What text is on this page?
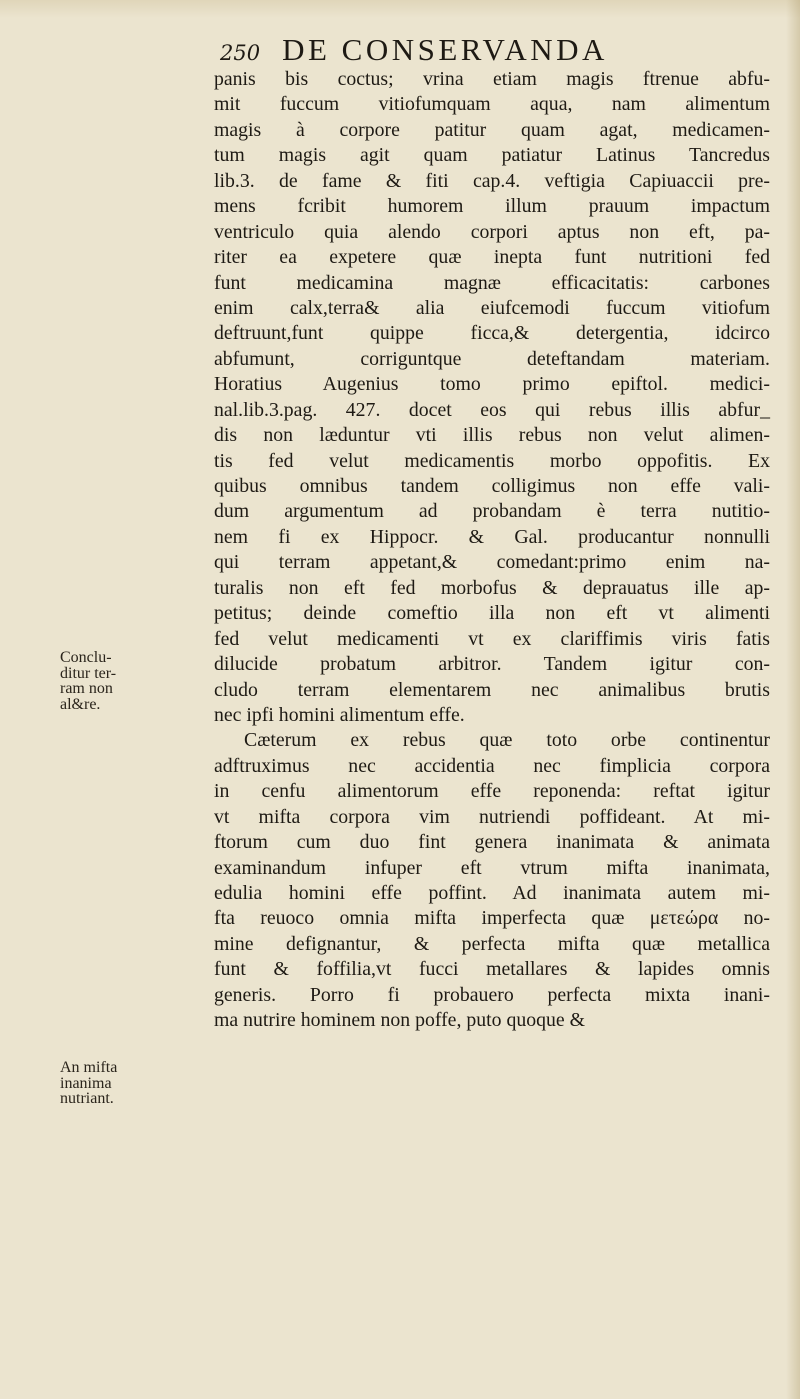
250 DE CONSERVANDA
panis bis coctus; vrina etiam magis ftrenue abfu-
mit fuccum vitiofumquam aqua, nam alimentum
magis à corpore patitur quam agat, medicamen-
tum magis agit quam patiatur Latinus Tancredus
lib.3. de fame & fiti cap.4. veftigia Capiuaccii pre-
mens fcribit humorem illum prauum impactum
ventriculo quia alendo corpori aptus non eft, pa-
riter ea expetere quæ inepta funt nutritioni fed
funt medicamina magnæ efficacitatis: carbones
enim calx,terra& alia eiufcemodi fuccum vitiofum
deftruunt,funt quippe ficca,& detergentia, idcirco
abfumunt, corriguntque deteftandam materiam.
Horatius Augenius tomo primo epiftol. medici-
nal.lib.3.pag. 427. docet eos qui rebus illis abfur_
dis non læduntur vti illis rebus non velut alimen-
tis fed velut medicamentis morbo oppofitis. Ex
quibus omnibus tandem colligimus non effe vali-
dum argumentum ad probandam è terra nutitio-
nem fi ex Hippocr. & Gal. producantur nonnulli
qui terram appetant,& comedant:primo enim na-
turalis non eft fed morbofus & deprauatus ille ap-
petitus; deinde comeftio illa non eft vt alimenti
fed velut medicamenti vt ex clariffimis viris fatis
dilucide probatum arbitror. Tandem igitur con-
cludo terram elementarem nec animalibus brutis
nec ipfi homini alimentum effe.
Cæterum ex rebus quæ toto orbe continentur
adftruximus nec accidentia nec fimplicia corpora
in cenfu alimentorum effe reponenda: reftat igitur
vt mifta corpora vim nutriendi poffideant. At mi-
ftorum cum duo fint genera inanimata & animata
examinandum infuper eft vtrum mifta inanimata,
edulia homini effe poffint. Ad inanimata autem mi-
fta reuoco omnia mifta imperfecta quæ μετεώρα no-
mine defignantur, & perfecta mifta quæ metallica
funt & foffilia,vt fucci metallares & lapides omnis
generis. Porro fi probauero perfecta mixta inani-
ma nutrire hominem non poffe, puto quoque &
Conclu-
ditur ter-
ram non
al&re.
An mifta
inanima
nutriant.
